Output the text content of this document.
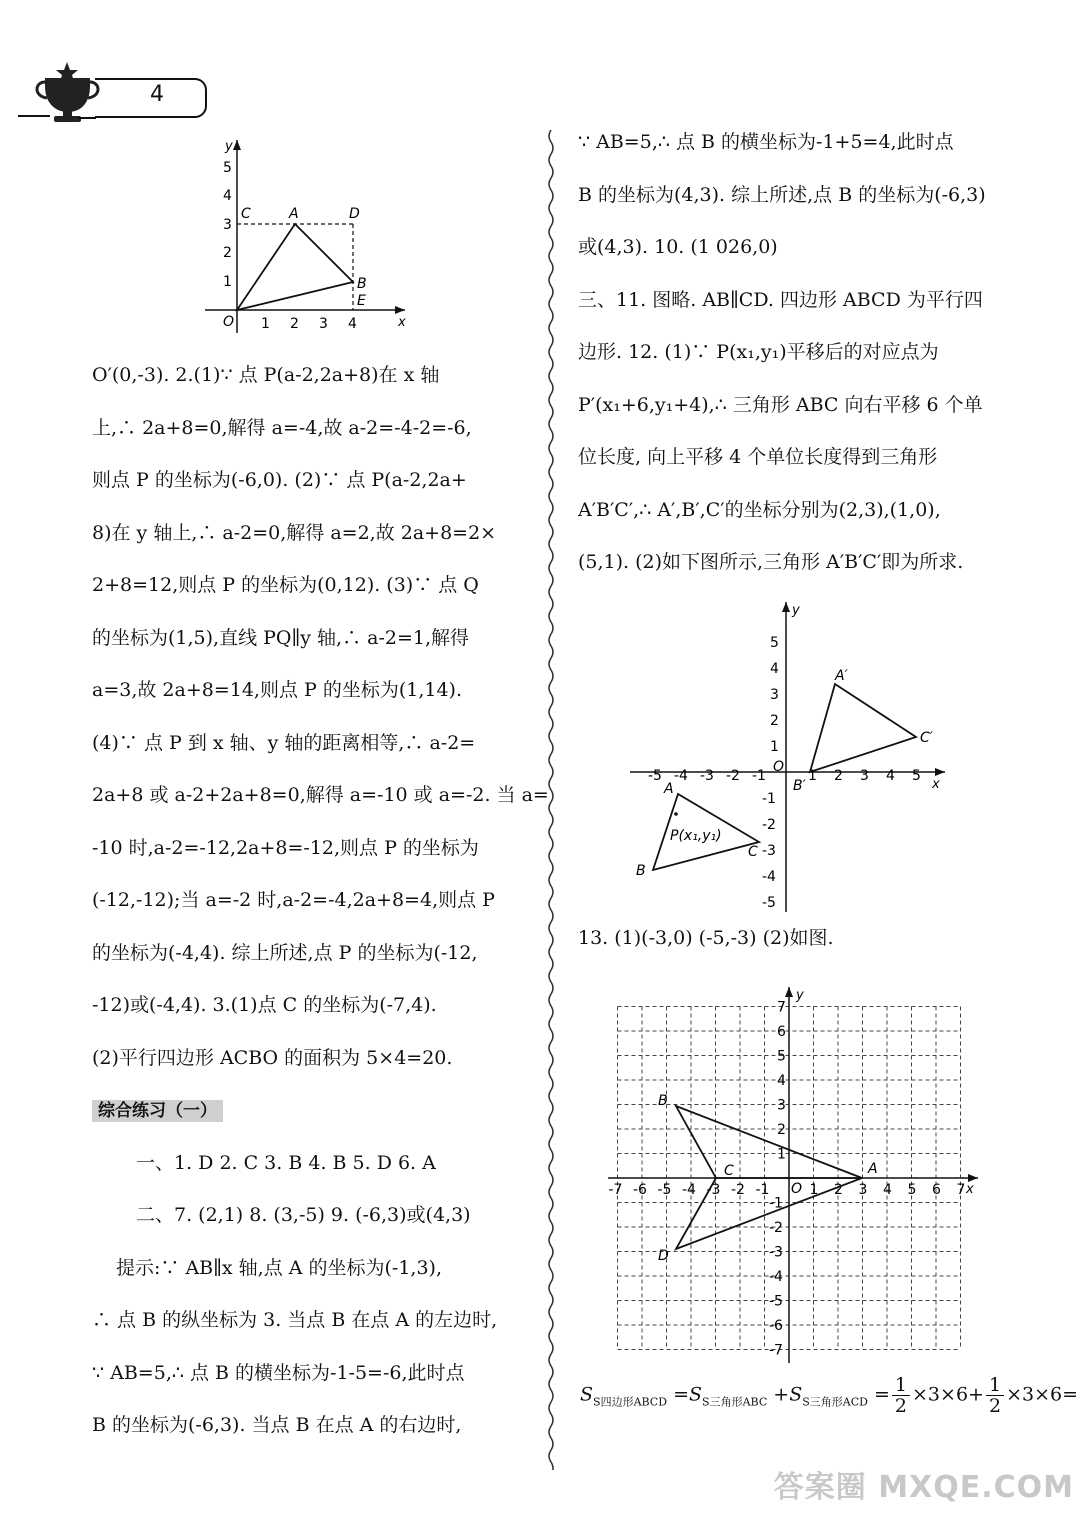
4
5
4
3
2
1
1 2 3 4
C	A	D
B
E
O	x
y

O′(0,-3). 2.(1)∵ 点 P(a-2,2a+8)在 x 轴

上,∴ 2a+8=0,解得 a=-4,故 a-2=-4-2=-6,

则点 P 的坐标为(-6,0). (2)∵ 点 P(a-2,2a+

8)在 y 轴上,∴ a-2=0,解得 a=2,故 2a+8=2×

2+8=12,则点 P 的坐标为(0,12). (3)∵ 点 Q

的坐标为(1,5),直线 PQ∥y 轴,∴ a-2=1,解得

a=3,故 2a+8=14,则点 P 的坐标为(1,14).

(4)∵ 点 P 到 x 轴、y 轴的距离相等,∴ a-2=

2a+8 或 a-2+2a+8=0,解得 a=-10 或 a=-2. 当 a=

-10 时,a-2=-12,2a+8=-12,则点 P 的坐标为

(-12,-12);当 a=-2 时,a-2=-4,2a+8=4,则点 P

的坐标为(-4,4). 综上所述,点 P 的坐标为(-12,

-12)或(-4,4). 3.(1)点 C 的坐标为(-7,4).

(2)平行四边形 ACBO 的面积为 5×4=20.

综合练习（一）

一、1. D 2. C 3. B 4. B 5. D 6. A

二、7. (2,1) 8. (3,-5) 9. (-6,3)或(4,3)

提示:∵ AB∥x 轴,点 A 的坐标为(-1,3),

∴ 点 B 的纵坐标为 3. 当点 B 在点 A 的左边时,

∵ AB=5,∴ 点 B 的横坐标为-1-5=-6,此时点

B 的坐标为(-6,3). 当点 B 在点 A 的右边时,

∵ AB=5,∴ 点 B 的横坐标为-1+5=4,此时点

B 的坐标为(4,3). 综上所述,点 B 的坐标为(-6,3)

或(4,3). 10. (1 026,0)

三、11. 图略. AB∥CD. 四边形 ABCD 为平行四

边形. 12. (1)∵ P(x₁,y₁)平移后的对应点为

P′(x₁+6,y₁+4),∴ 三角形 ABC 向右平移 6 个单

位长度, 向上平移 4 个单位长度得到三角形

A′B′C′,∴ A′,B′,C′的坐标分别为(2,3),(1,0),

(5,1). (2)如下图所示,三角形 A′B′C′即为所求.

-5 -4 -3 -2 -1	1 2 3 4 5
5
4
3
2
1
-1
-2
-3
-4
-5
A′
B′
C′
A
B
C
P(x₁,y₁)
O
x
y

13. (1)(-3,0) (-5,-3) (2)如图.

-7 -6 -5 -4 -3 -2 -1	1 2 3 4 5 6 7
7
6
5
4
3
2
1
-1
-2
-3
-4
-5
-6
-7
A
B
C
D
O	x
y
$S_{S四边形ABCD} =S_{S三角形ABC} +S_{S三角形ACD} = \frac{1}{2} \times 3\times 6+ \frac{1}{2} \times 3\times 6=$
答案圈 MXQE.COM
